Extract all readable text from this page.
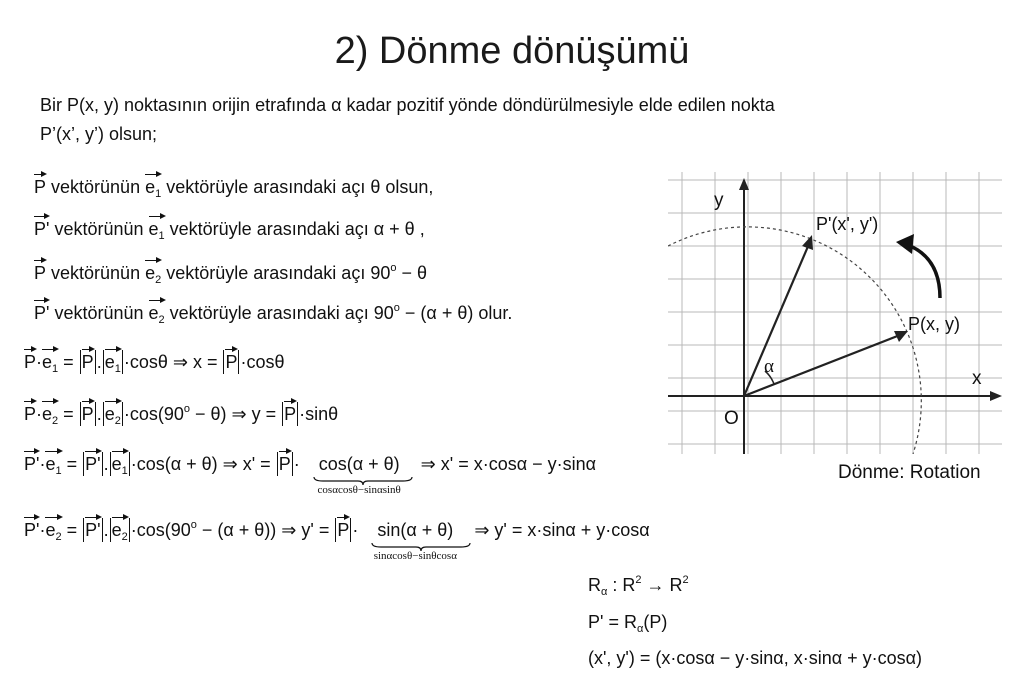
2) Dönme dönüşümü
Bir P(x, y) noktasının orijin etrafında α kadar pozitif yönde döndürülmesiyle elde edilen nokta
P’(x’, y’) olsun;
P vektörünün $e_1$ vektörüyle arasındaki açı θ olsun,
P' vektörünün $e_1$ vektörüyle arasındaki açı α + θ ,
P vektörünün $e_2$ vektörüyle arasındaki açı $90^o - \theta$
P' vektörünün $e_2$ vektörüyle arasındaki açı $90^o - (\alpha + \theta)$ olur.
$P\cdot e_1 = P$ . $e_1 \cdot\cos\theta$ ⇒ x = P ·cosθ
$P\cdot e_2 = P$ . $e_2 \cdot\cos(90^o - \theta)$ ⇒ y = P ·sinθ
$P'\cdot e_1 = P'$ . $e_1 \cdot\cos(\alpha + \theta)$ ⇒ x' = P · cos(α + θ)
cosαcosθ−sinαsinθ
⇒ x' = x·cosα − y·sinα
$P'\cdot e_2 = P'$ . $e_2 \cdot\cos(90^o - (\alpha + \theta))$ ⇒ y' = P · sin(α + θ)
sinαcosθ−sinθcosα
⇒ y' = x·sinα + y·cosα
$R_\alpha$ : $R^2 \to R^2$
$P' = R_\alpha(P)$
(x', y') = (x·cosα − y·sinα, x·sinα + y·cosα)
y
x
O
P(x, y)
P'(x', y')
α
Dönme: Rotation
